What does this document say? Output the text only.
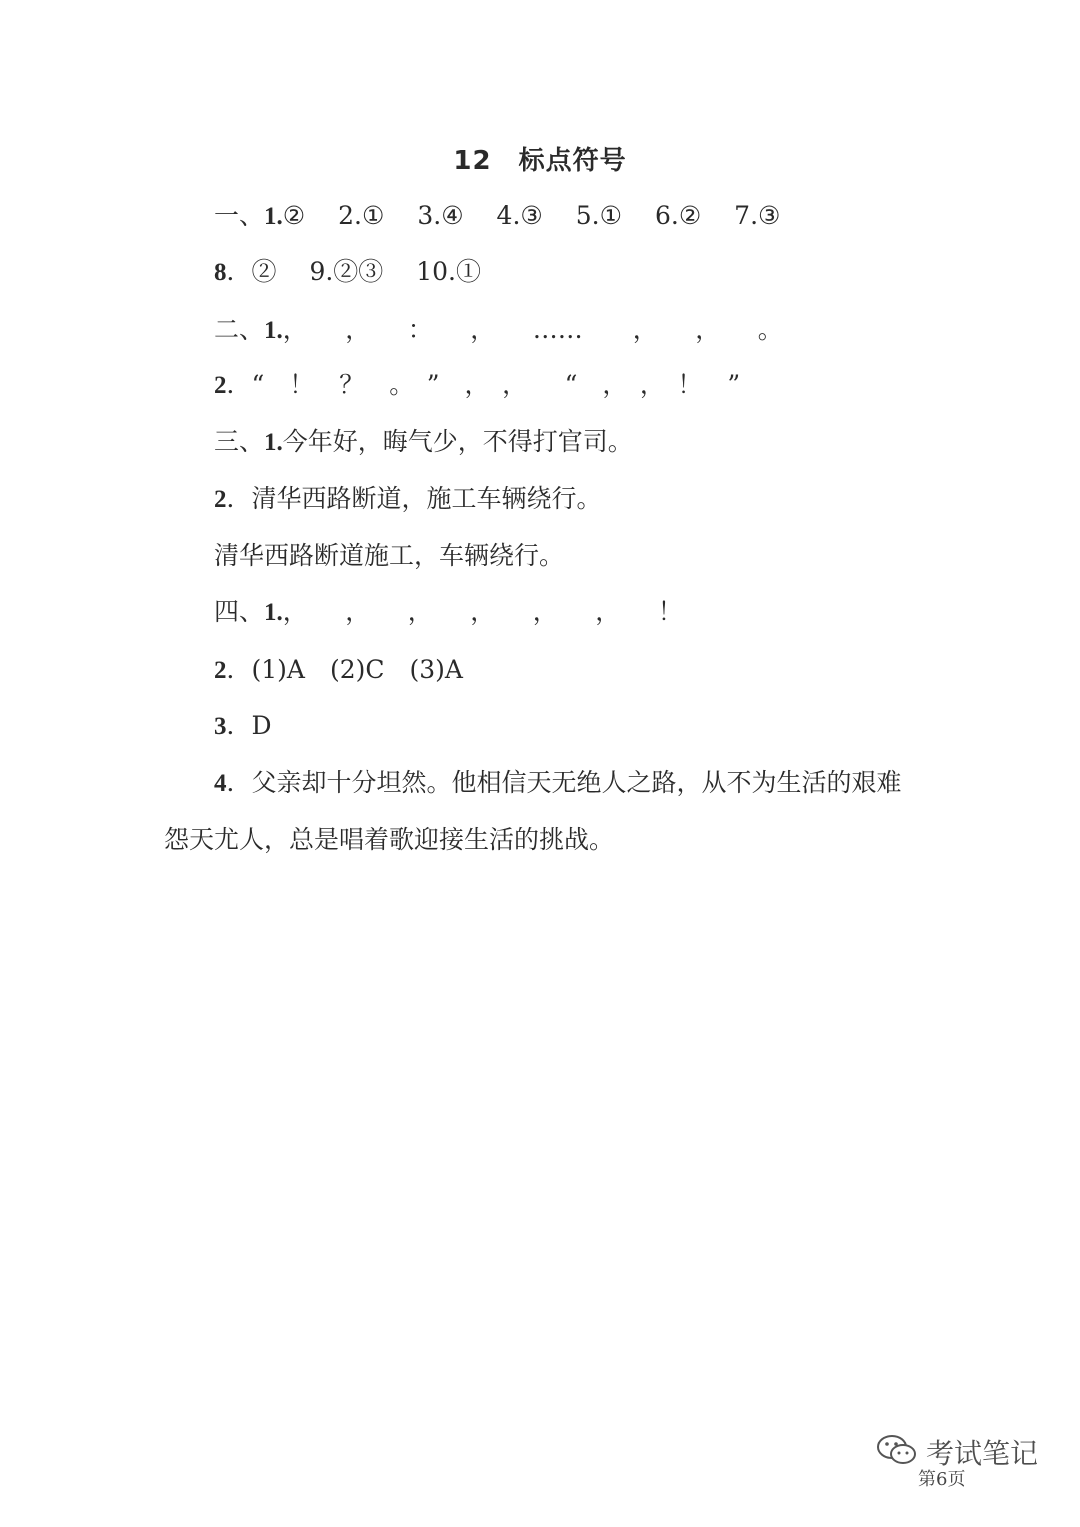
12　标点符号
一、1.②　 2.①　 3.④　 4.③　 5.①　 6.②　 7.③
8．②　 9.②③　 10.①
二、1.，　　，　　：　　，　　……　　，　　，　　。
2．“　！　？　。　”　，　，　　“　，　，　！　”
三、1.今年好，晦气少，不得打官司。
2．清华西路断道，施工车辆绕行。
清华西路断道施工，车辆绕行。
四、1.，　　，　　，　　，　　，　　，　　！
2．(1)A　(2)C　(3)A
3．D
4．父亲却十分坦然。他相信天无绝人之路，从不为生活的艰难
怨天尤人，总是唱着歌迎接生活的挑战。
第6页
考试笔记
